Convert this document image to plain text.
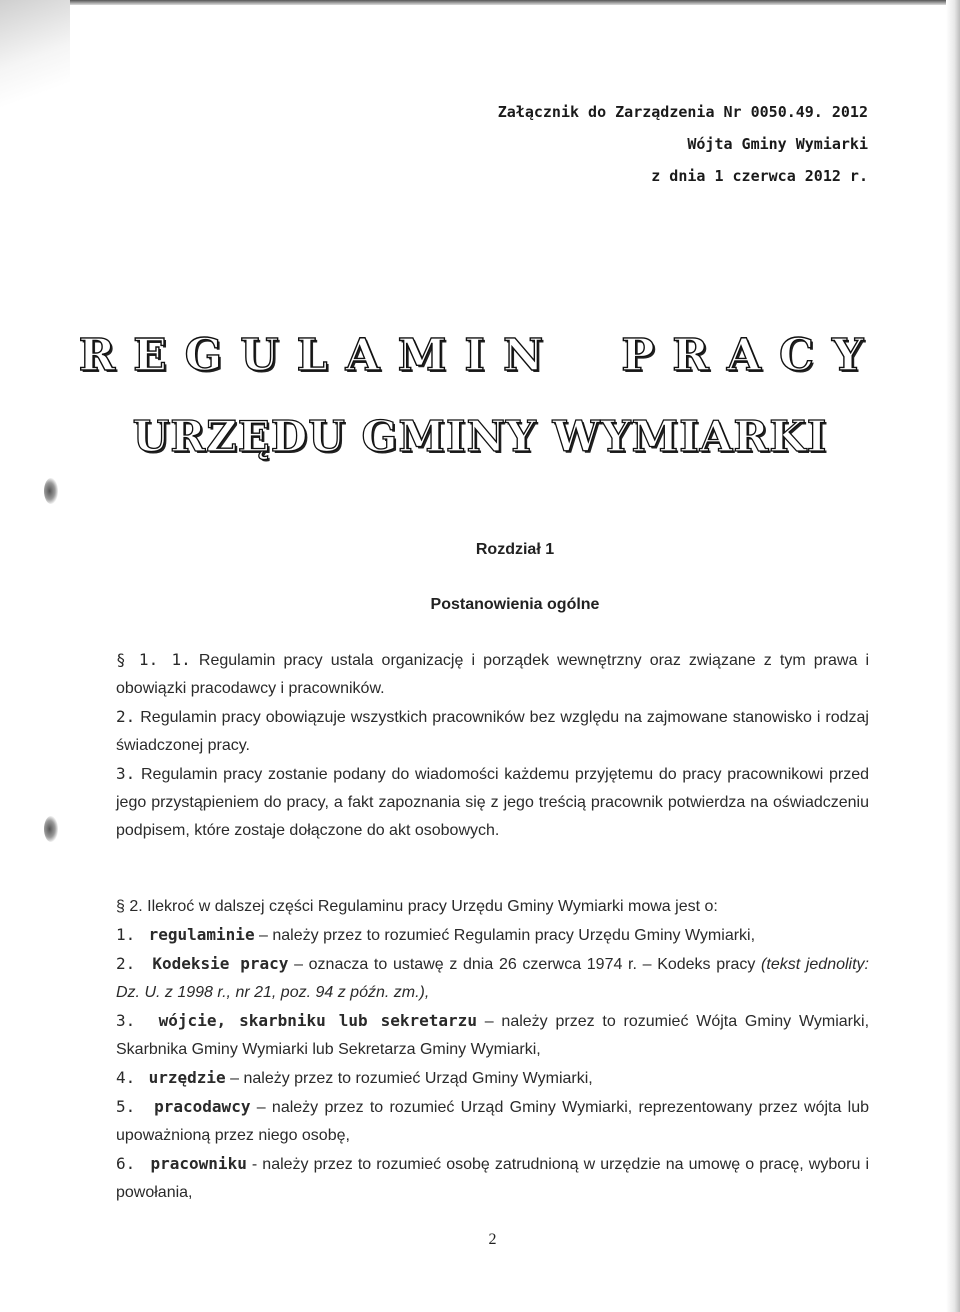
Załącznik do Zarządzenia Nr 0050.49. 2012
Wójta Gminy Wymiarki
z dnia 1 czerwca 2012 r.
REGULAMIN PRACY
URZĘDU GMINY WYMIARKI
Rozdział 1
Postanowienia ogólne

§ 1. 1. Regulamin pracy ustala organizację i porządek wewnętrzny oraz związane z tym prawa i obowiązki pracodawcy i pracowników.

2. Regulamin pracy obowiązuje wszystkich pracowników bez względu na zajmowane stanowisko i rodzaj świadczonej pracy.

3. Regulamin pracy zostanie podany do wiadomości każdemu przyjętemu do pracy pracownikowi przed jego przystąpieniem do pracy, a fakt zapoznania się z jego treścią pracownik potwierdza na oświadczeniu podpisem, które zostaje dołączone do akt osobowych.

§ 2. Ilekroć w dalszej części Regulaminu pracy Urzędu Gminy Wymiarki mowa jest o:

1. regulaminie – należy przez to rozumieć Regulamin pracy Urzędu Gminy Wymiarki,

2. Kodeksie pracy – oznacza to ustawę z dnia 26 czerwca 1974 r. – Kodeks pracy (tekst jednolity: Dz. U. z 1998 r., nr 21, poz. 94 z późn. zm.),

3. wójcie, skarbniku lub sekretarzu – należy przez to rozumieć Wójta Gminy Wymiarki, Skarbnika Gminy Wymiarki lub Sekretarza Gminy Wymiarki,

4. urzędzie – należy przez to rozumieć Urząd Gminy Wymiarki,

5. pracodawcy – należy przez to rozumieć Urząd Gminy Wymiarki, reprezentowany przez wójta lub upoważnioną przez niego osobę,

6. pracowniku - należy przez to rozumieć osobę zatrudnioną w urzędzie na umowę o pracę, wyboru i powołania,

2
